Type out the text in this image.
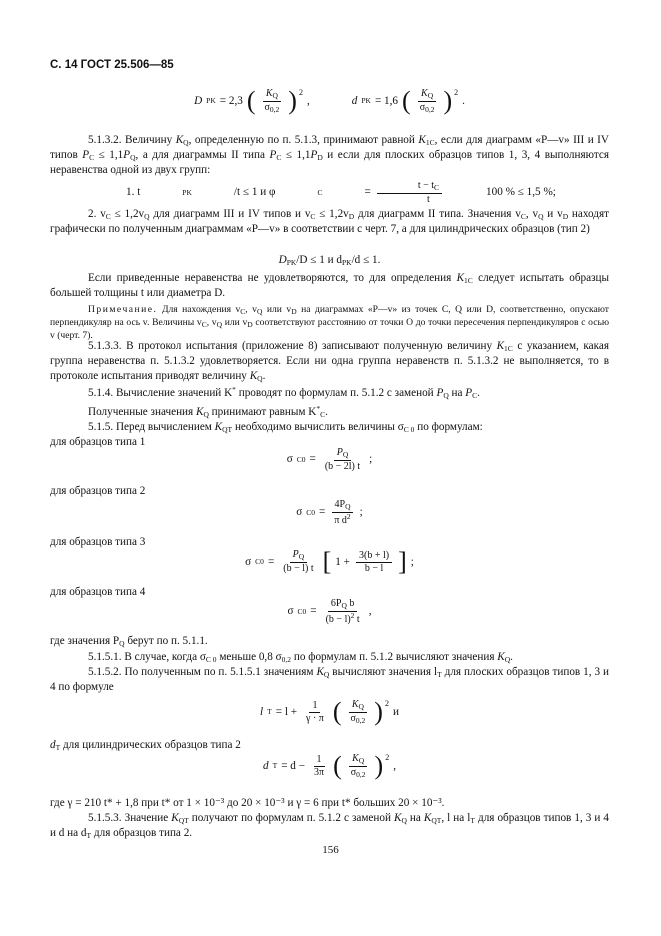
С. 14 ГОСТ 25.506—85
D PK = 2,3 ( $\frac{K_Q}{\sigma_{0,2}}$ ) 2
,	d PK = 1,6 ( $\frac{K_Q}{\sigma_{0,2}}$ ) 2
.

5.1.3.2. Величину $K_Q$, определенную по п. 5.1.3, принимают равной $K_{1C}$, если для диаграмм «P—v» III и IV типов $P_C \le 1,1P_Q$, а для диаграммы II типа $P_C \le 1,1P_D$ и если для плоских образцов типов 1, 3, 4 выполняются неравенства одной из двух групп:

1. t	PK	/t ≤ 1 и φ	C	= $\frac{t - t_C}{t}$	100 % ≤ 1,5 %;

2. $v_C \le 1,2v_Q$ для диаграмм III и IV типов и $v_C \le 1,2v_D$ для диаграмм II типа. Значения $v_C$, $v_Q$ и $v_D$ находят графически по полученным диаграммам «P—v» в соответствии с черт. 7, а для цилиндрических образцов (тип 2)

$D_{PK}/D \le 1$ и $d_{PK}/d \le 1$.

Если приведенные неравенства не удовлетворяются, то для определения $K_{1C}$ следует испытать образцы большей толщины t или диаметра D.

Примечание. Для нахождения $v_C$, $v_Q$ или $v_D$ на диаграммах «P—v» из точек C, Q или D, соответственно, опускают перпендикуляр на ось v. Величины $v_C$, $v_Q$ или $v_D$ соответствуют расстоянию от точки O до точки пересечения перпендикуляров с осью v (черт. 7).

5.1.3.3. В протокол испытания (приложение 8) записывают полученную величину $K_{1C}$ с указанием, какая группа неравенства п. 5.1.3.2 удовлетворяется. Если ни одна группа неравенств п. 5.1.3.2 не выполняется, то в протоколе испытания приводят величину $K_Q$.

5.1.4. Вычисление значений K* проводят по формулам п. 5.1.2 с заменой $P_Q$ на $P_C$.

Полученные значения $K_Q$ принимают равным $K^*_C$.

5.1.5. Перед вычислением $K_{QT}$ необходимо вычислить величины $\sigma_{C 0}$ по формулам:

для образцов типа 1

σ $C0 = \frac{P_Q}{(b - 2l) t}$ ;

для образцов типа 2

σ $C0 = \frac{4P_Q}{\pi d^2}$ ;

для образцов типа 3

σ $C0 = \frac{P_Q}{(b - l) t}$ [ $1 + \frac{3(b + l)}{b - l}$ ] ;

для образцов типа 4

σ $C0 = \frac{6P_Q b}{(b - l)^2 t}$ ,

где значения $P_Q$ берут по п. 5.1.1.

5.1.5.1. В случае, когда $\sigma_{C 0}$ меньше 0,8 $\sigma_{0,2}$ по формулам п. 5.1.2 вычисляют значения $K_Q$.

5.1.5.2. По полученным по п. 5.1.5.1 значениям $K_Q$ вычисляют значения $l_T$ для плоских образцов типов 1, 3 и 4 по формуле

l $T = l + \frac{1}{\gamma \cdot \pi}$ ( $\frac{K_Q}{\sigma_{0,2}}$ ) 2
и

$d_T$ для цилиндрических образцов типа 2

d $T = d - \frac{1}{3\pi}$ ( $\frac{K_Q}{\sigma_{0,2}}$ ) 2
,

где γ = 210 t* + 1,8 при t* от 1 × 10⁻³ до 20 × 10⁻³ и γ = 6 при t* больших 20 × 10⁻³.

5.1.5.3. Значение $K_{QT}$ получают по формулам п. 5.1.2 с заменой $K_Q$ на $K_{QT}$, l на $l_T$ для образцов типов 1, 3 и 4 и d на $d_T$ для образцов типа 2.

156
